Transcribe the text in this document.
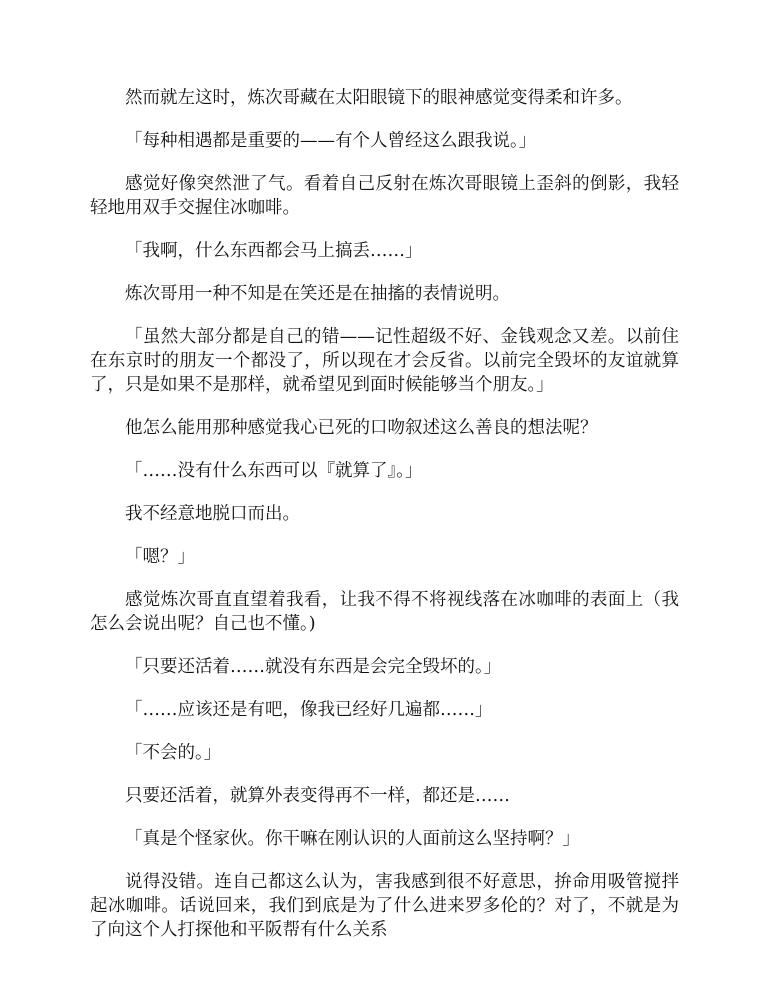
然而就左这时，炼次哥藏在太阳眼镜下的眼神感觉变得柔和许多。

「每种相遇都是重要的——有个人曾经这么跟我说。」

感觉好像突然泄了气。看着自己反射在炼次哥眼镜上歪斜的倒影，我轻轻地用双手交握住冰咖啡。

「我啊，什么东西都会马上搞丢……」

炼次哥用一种不知是在笑还是在抽搐的表情说明。

「虽然大部分都是自己的错——记性超级不好、金钱观念又差。以前住在东京时的朋友一个都没了，所以现在才会反省。以前完全毁坏的友谊就算了，只是如果不是那样，就希望见到面时候能够当个朋友。」

他怎么能用那种感觉我心已死的口吻叙述这么善良的想法呢？

「……没有什么东西可以『就算了』。」

我不经意地脱口而出。

「嗯？」

感觉炼次哥直直望着我看，让我不得不将视线落在冰咖啡的表面上（我怎么会说出呢？自己也不懂。)

「只要还活着……就没有东西是会完全毁坏的。」

「……应该还是有吧，像我已经好几遍都……」

「不会的。」

只要还活着，就算外表变得再不一样，都还是……

「真是个怪家伙。你干嘛在刚认识的人面前这么坚持啊？」

说得没错。连自己都这么认为，害我感到很不好意思，拚命用吸管搅拌起冰咖啡。话说回来，我们到底是为了什么进来罗多伦的？对了，不就是为了向这个人打探他和平阪帮有什么关系
